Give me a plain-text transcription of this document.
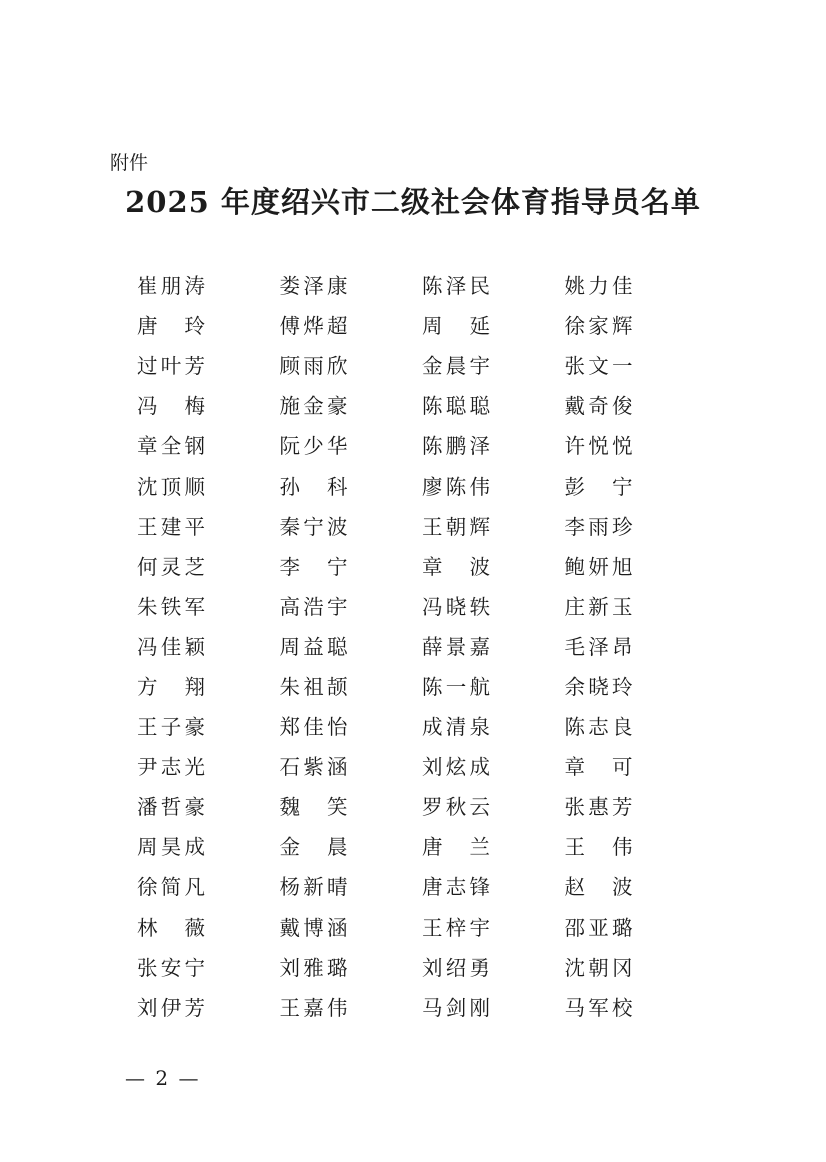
附件
2025 年度绍兴市二级社会体育指导员名单
崔 朋 涛	娄 泽 康	陈 泽 民	姚 力 佳
唐 玲	傅 烨 超	周 延	徐 家 辉
过 叶 芳	顾 雨 欣	金 晨 宇	张 文 一
冯 梅	施 金 豪	陈 聪 聪	戴 奇 俊
章 全 钢	阮 少 华	陈 鹏 泽	许 悦 悦
沈 顶 顺	孙 科	廖 陈 伟	彭 宁
王 建 平	秦 宁 波	王 朝 辉	李 雨 珍
何 灵 芝	李 宁	章 波	鲍 妍 旭
朱 铁 军	高 浩 宇	冯 晓 轶	庄 新 玉
冯 佳 颖	周 益 聪	薛 景 嘉	毛 泽 昂
方 翔	朱 祖 颉	陈 一 航	余 晓 玲
王 子 豪	郑 佳 怡	成 清 泉	陈 志 良
尹 志 光	石 紫 涵	刘 炫 成	章 可
潘 哲 豪	魏 笑	罗 秋 云	张 惠 芳
周 昊 成	金 晨	唐 兰	王 伟
徐 简 凡	杨 新 晴	唐 志 锋	赵 波
林 薇	戴 博 涵	王 梓 宇	邵 亚 璐
张 安 宁	刘 雅 璐	刘 绍 勇	沈 朝 冈
刘 伊 芳	王 嘉 伟	马 剑 刚	马 军 校
— 2 —
